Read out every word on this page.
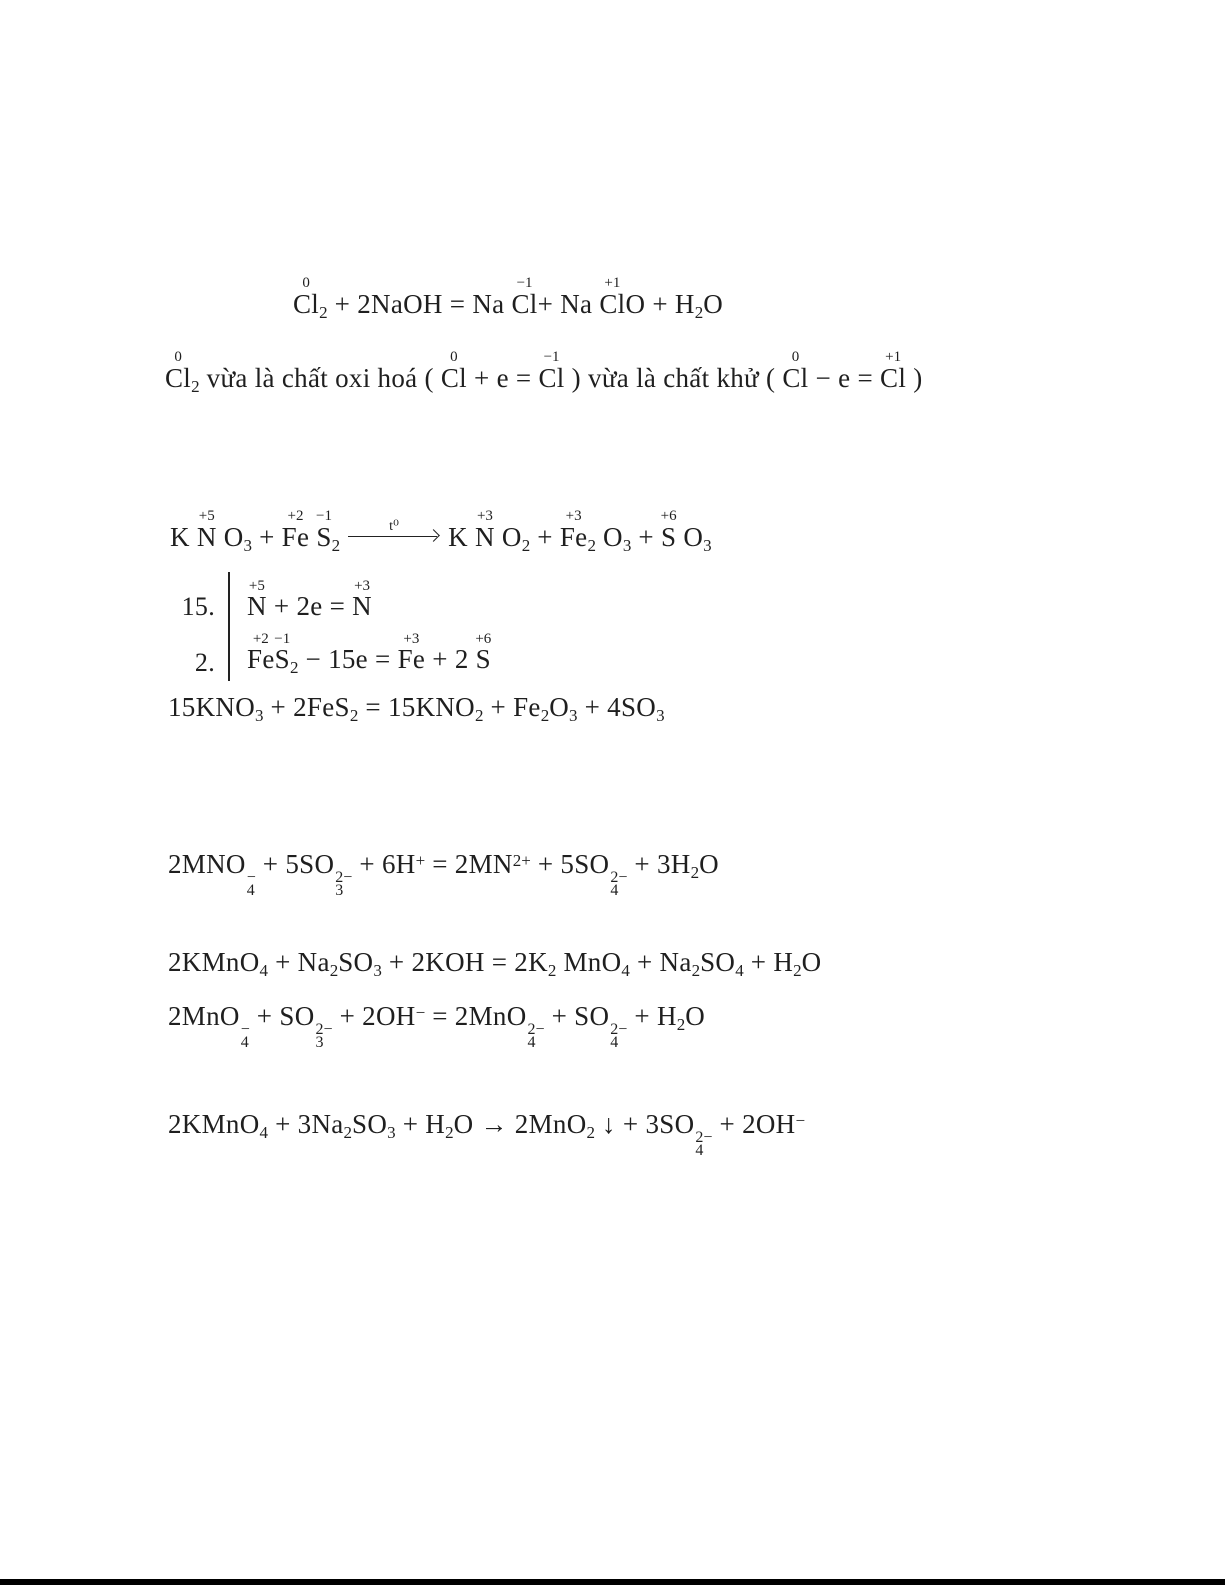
0
Cl2 + 2NaOH = Na
−1
Cl+ Na
+1
ClO + H2O
0
Cl2 vừa là chất oxi hoá (
0
Cl + e =
−1
Cl ) vừa là chất khử (
0
Cl − e =
+1
Cl )
K
+5
N O3 +
+2
Fe
−1
S2
t⁰ K
+3
N O2 +
+3
Fe2 O3 +
+6
S O3
15.
+5
N + 2e =
+3
N
2.
+2
Fe
−1
S2 − 15e =
+3
Fe + 2
+6
S
15KNO3 + 2FeS2 = 15KNO2 + Fe2O3 + 4SO3
2MNO −
4
+ 5SO 2−
3
+ $6H^+ = 2MN^{2+} + 5SO$ 2−
4
+ 3H2O
2KMnO4 + Na2SO3 + 2KOH = 2K2 MnO4 + Na2SO4 + H2O
2MnO −
4
+ SO 2−
3
+ 2OH− = 2MnO 2−
4
+ SO 2−
4
+ H2O
2KMnO4 + 3Na2SO3 + H2O → 2MnO2 ↓ + 3SO 2−
4
+ 2OH−
